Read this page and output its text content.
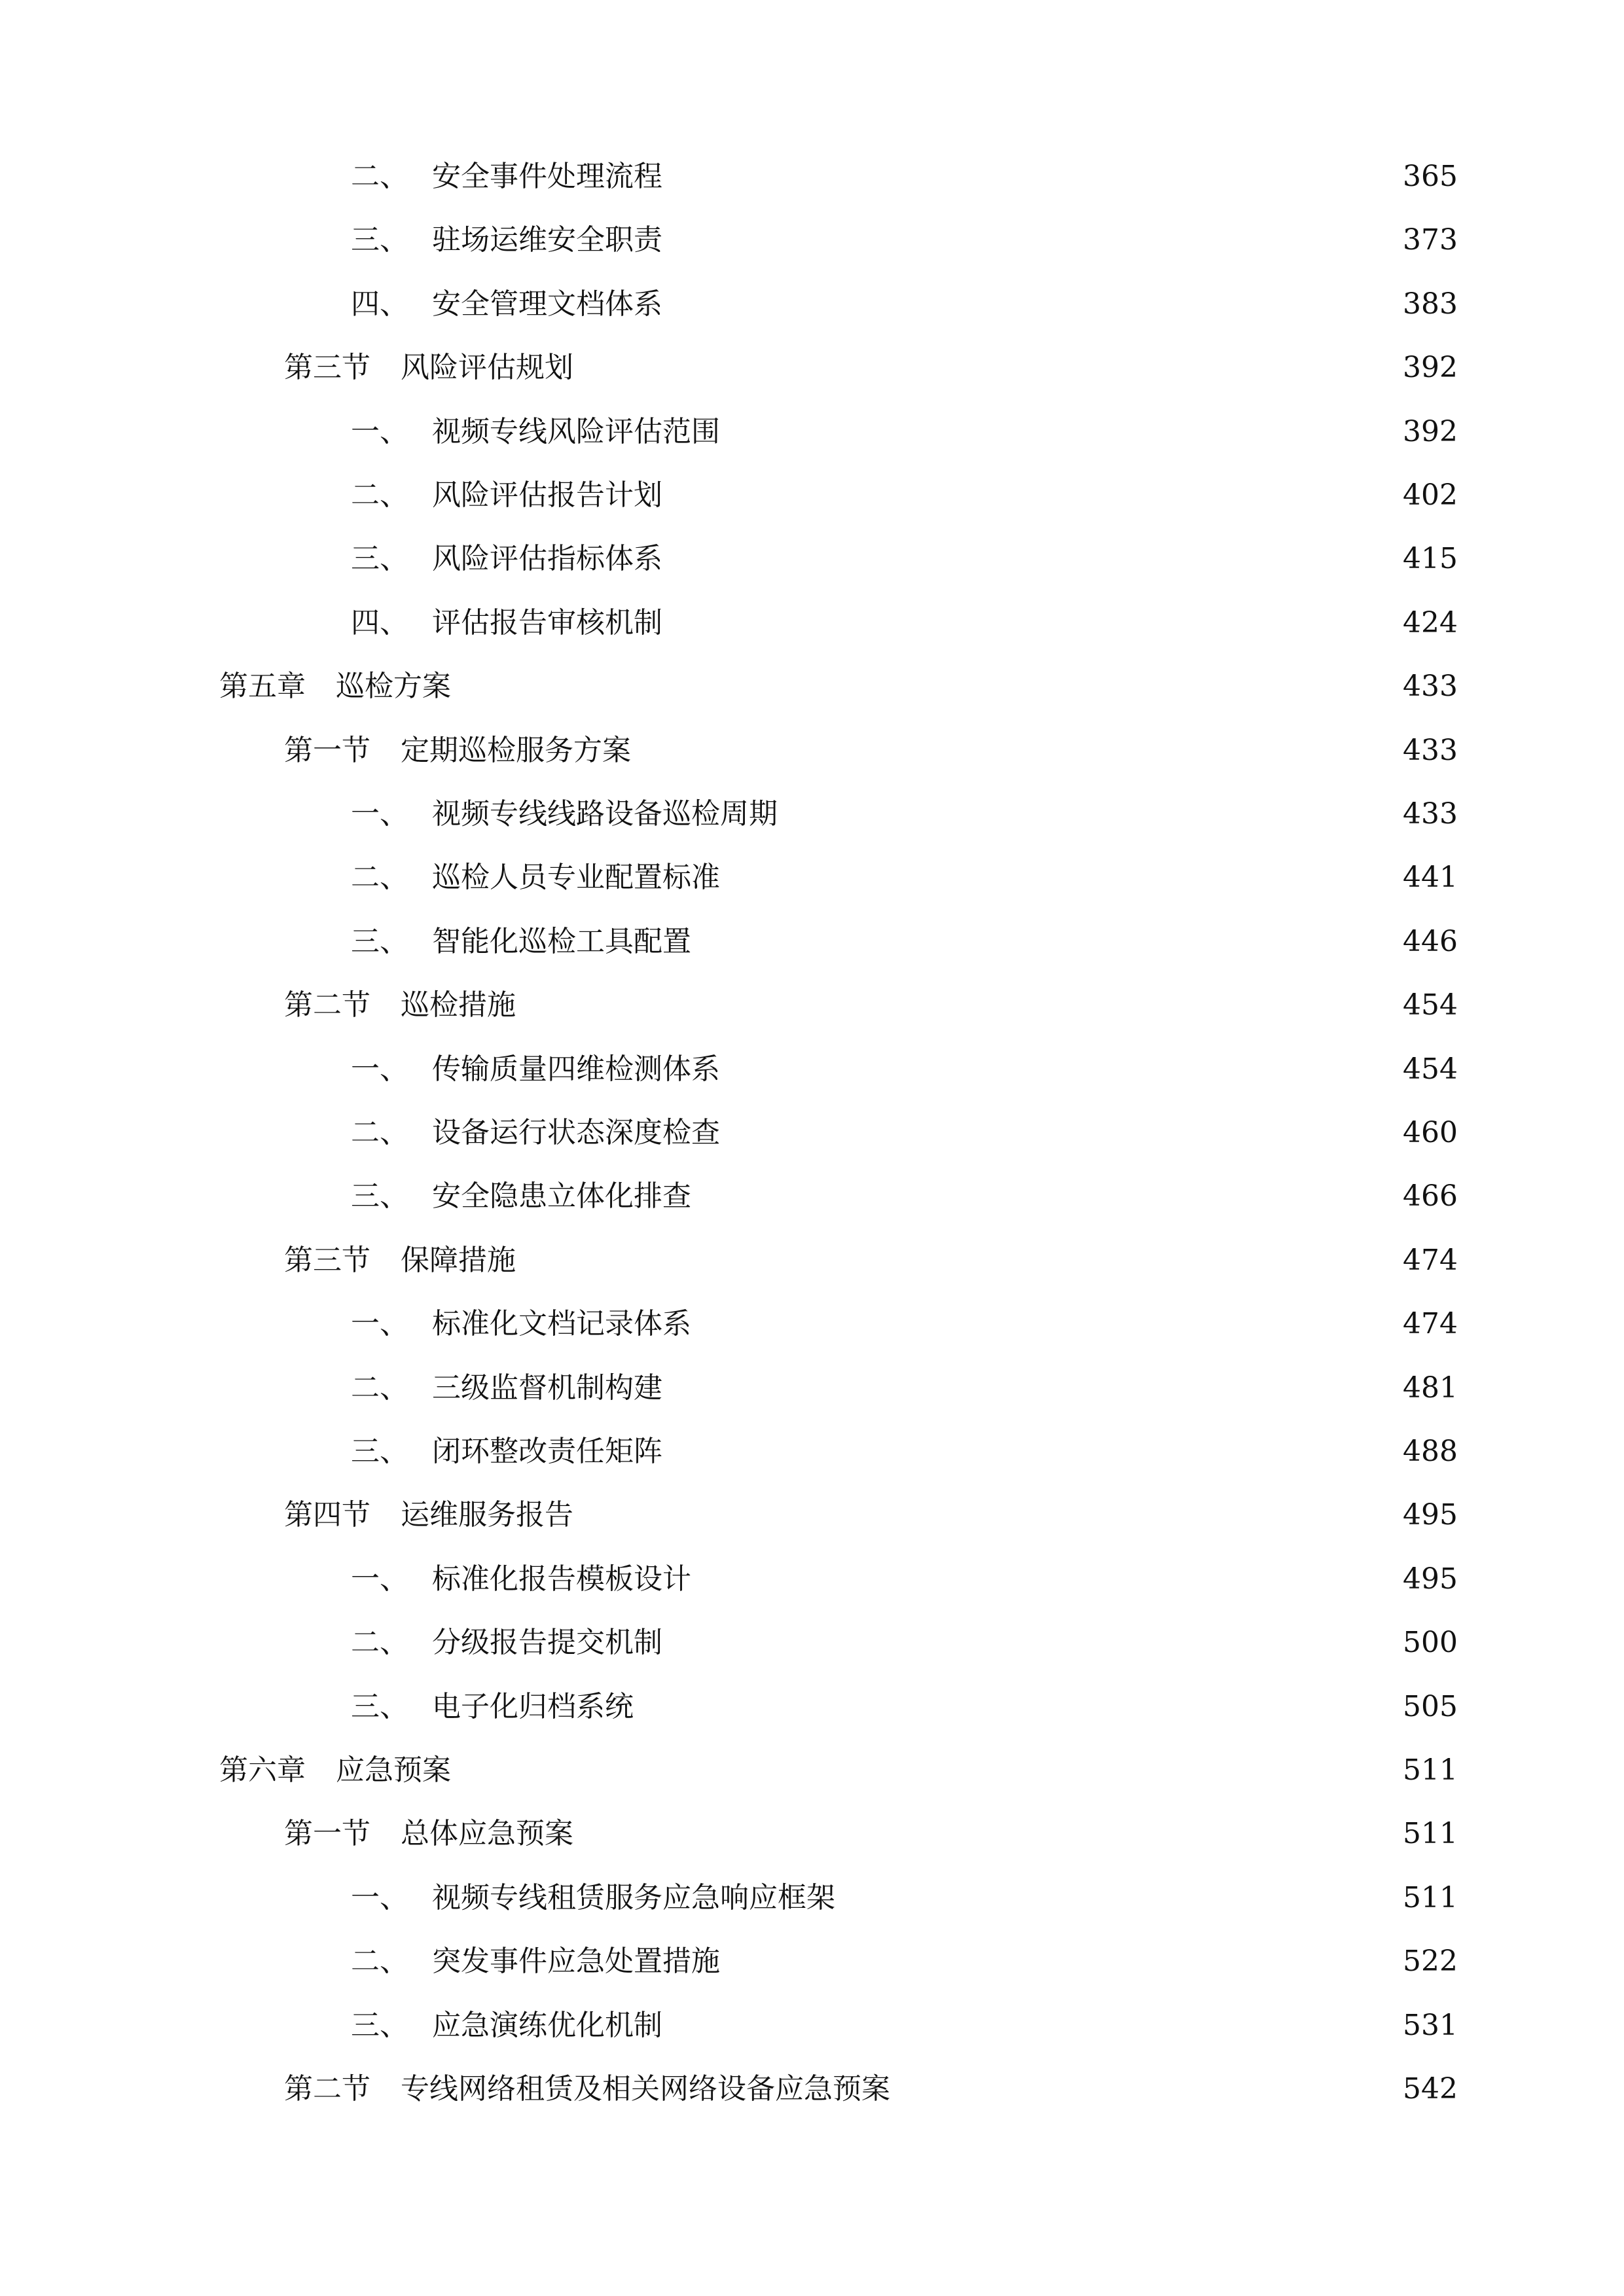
二、 安全事件处理流程	365
三、 驻场运维安全职责	373
四、 安全管理文档体系	383
第三节	风险评估规划	392
一、 视频专线风险评估范围	392
二、 风险评估报告计划	402
三、 风险评估指标体系	415
四、 评估报告审核机制	424
第五章	巡检方案	433
第一节	定期巡检服务方案	433
一、 视频专线线路设备巡检周期	433
二、 巡检人员专业配置标准	441
三、 智能化巡检工具配置	446
第二节	巡检措施	454
一、 传输质量四维检测体系	454
二、 设备运行状态深度检查	460
三、 安全隐患立体化排查	466
第三节	保障措施	474
一、 标准化文档记录体系	474
二、 三级监督机制构建	481
三、 闭环整改责任矩阵	488
第四节	运维服务报告	495
一、 标准化报告模板设计	495
二、 分级报告提交机制	500
三、 电子化归档系统	505
第六章	应急预案	511
第一节	总体应急预案	511
一、 视频专线租赁服务应急响应框架	511
二、 突发事件应急处置措施	522
三、 应急演练优化机制	531
第二节	专线网络租赁及相关网络设备应急预案	542
